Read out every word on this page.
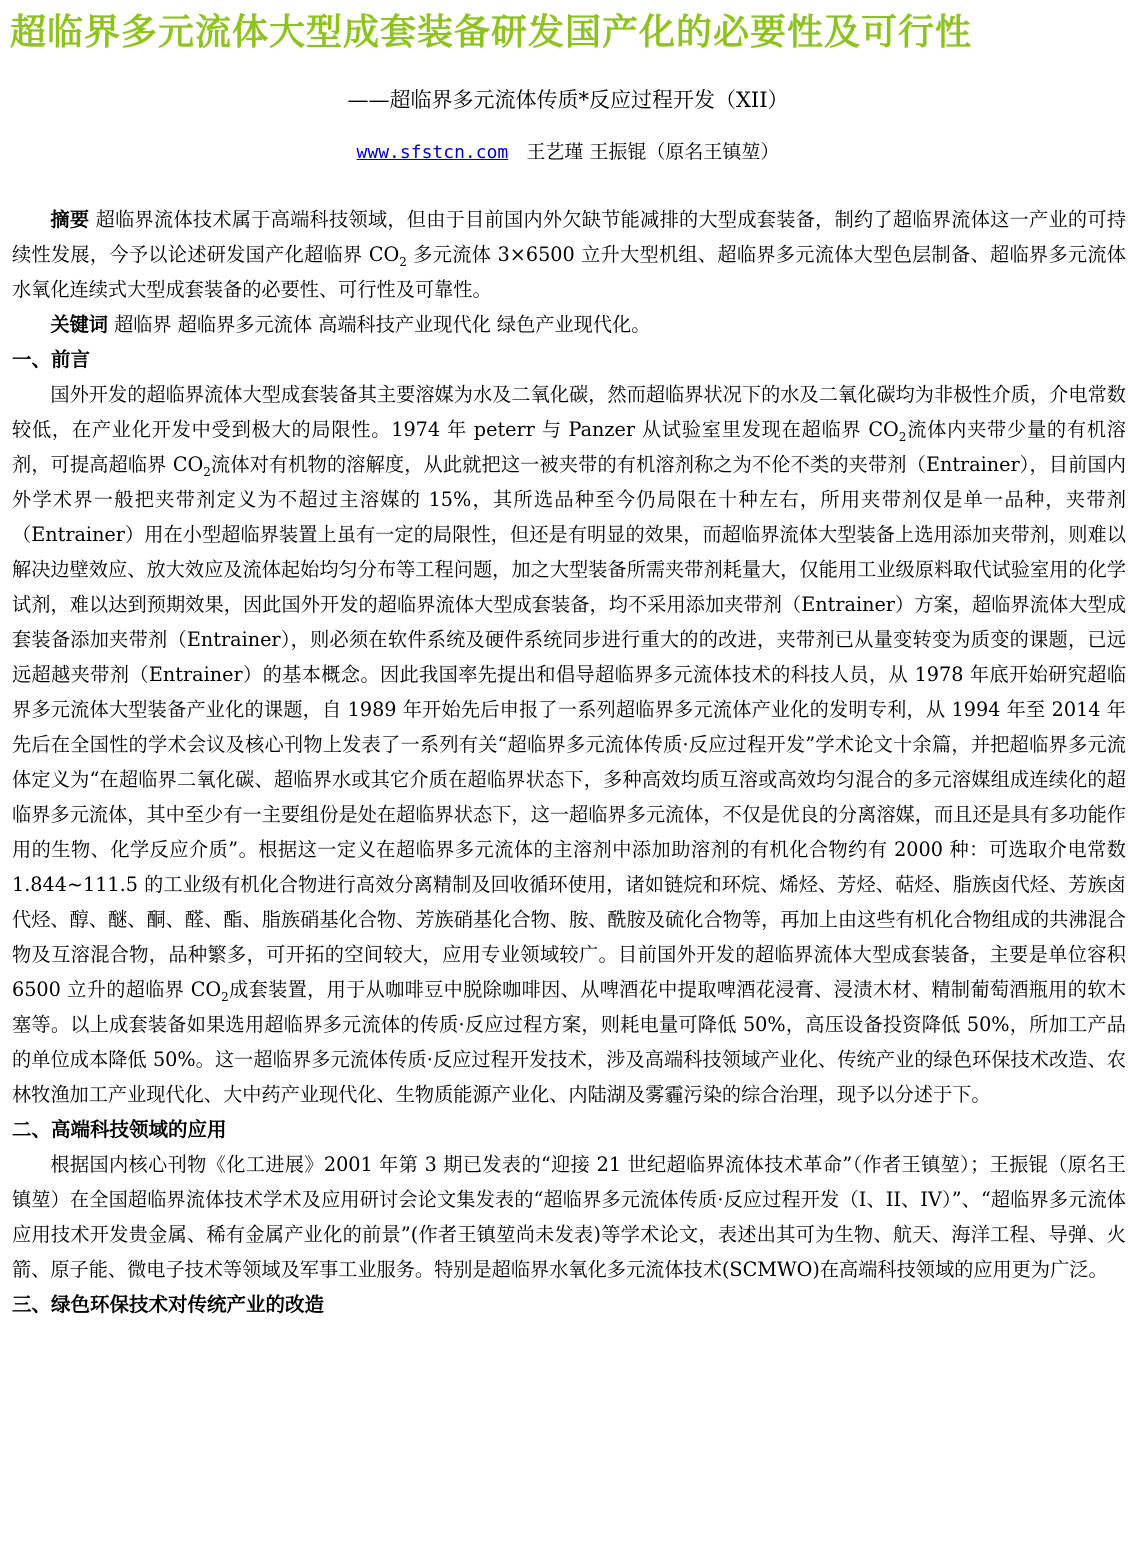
超临界多元流体大型成套装备研发国产化的必要性及可行性
——超临界多元流体传质*反应过程开发（XII）
www.sfstcn.com 王艺瑾 王振锟（原名王镇堃）

摘要 超临界流体技术属于高端科技领域，但由于目前国内外欠缺节能减排的大型成套装备，制约了超临界流体这一产业的可持续性发展，今予以论述研发国产化超临界 $CO_2$ 多元流体 3×6500 立升大型机组、超临界多元流体大型色层制备、超临界多元流体水氧化连续式大型成套装备的必要性、可行性及可靠性。

关键词 超临界 超临界多元流体 高端科技产业现代化 绿色产业现代化。

一、前言

国外开发的超临界流体大型成套装备其主要溶媒为水及二氧化碳，然而超临界状况下的水及二氧化碳均为非极性介质，介电常数较低，在产业化开发中受到极大的局限性。1974 年 peterr 与 Panzer 从试验室里发现在超临界 $CO_2$流体内夹带少量的有机溶剂，可提高超临界 $CO_2$流体对有机物的溶解度，从此就把这一被夹带的有机溶剂称之为不伦不类的夹带剂（Entrainer），目前国内外学术界一般把夹带剂定义为不超过主溶媒的 15%，其所选品种至今仍局限在十种左右，所用夹带剂仅是单一品种，夹带剂（Entrainer）用在小型超临界装置上虽有一定的局限性，但还是有明显的效果，而超临界流体大型装备上选用添加夹带剂，则难以解决边壁效应、放大效应及流体起始均匀分布等工程问题，加之大型装备所需夹带剂耗量大，仅能用工业级原料取代试验室用的化学试剂，难以达到预期效果，因此国外开发的超临界流体大型成套装备，均不采用添加夹带剂（Entrainer）方案，超临界流体大型成套装备添加夹带剂（Entrainer），则必须在软件系统及硬件系统同步进行重大的的改进，夹带剂已从量变转变为质变的课题，已远远超越夹带剂（Entrainer）的基本概念。因此我国率先提出和倡导超临界多元流体技术的科技人员，从 1978 年底开始研究超临界多元流体大型装备产业化的课题，自 1989 年开始先后申报了一系列超临界多元流体产业化的发明专利，从 1994 年至 2014 年先后在全国性的学术会议及核心刊物上发表了一系列有关“超临界多元流体传质·反应过程开发”学术论文十余篇，并把超临界多元流体定义为“在超临界二氧化碳、超临界水或其它介质在超临界状态下，多种高效均质互溶或高效均匀混合的多元溶媒组成连续化的超临界多元流体，其中至少有一主要组份是处在超临界状态下，这一超临界多元流体，不仅是优良的分离溶媒，而且还是具有多功能作用的生物、化学反应介质”。根据这一定义在超临界多元流体的主溶剂中添加助溶剂的有机化合物约有 2000 种：可选取介电常数 1.844~111.5 的工业级有机化合物进行高效分离精制及回收循环使用，诸如链烷和环烷、烯烃、芳烃、萜烃、脂族卤代烃、芳族卤代烃、醇、醚、酮、醛、酯、脂族硝基化合物、芳族硝基化合物、胺、酰胺及硫化合物等，再加上由这些有机化合物组成的共沸混合物及互溶混合物，品种繁多，可开拓的空间较大，应用专业领域较广。目前国外开发的超临界流体大型成套装备，主要是单位容积 6500 立升的超临界 $CO_2$成套装置，用于从咖啡豆中脱除咖啡因、从啤酒花中提取啤酒花浸膏、浸渍木材、精制葡萄酒瓶用的软木塞等。以上成套装备如果选用超临界多元流体的传质·反应过程方案，则耗电量可降低 50%，高压设备投资降低 50%，所加工产品的单位成本降低 50%。这一超临界多元流体传质·反应过程开发技术，涉及高端科技领域产业化、传统产业的绿色环保技术改造、农林牧渔加工产业现代化、大中药产业现代化、生物质能源产业化、内陆湖及雾霾污染的综合治理，现予以分述于下。

二、高端科技领域的应用

根据国内核心刊物《化工进展》2001 年第 3 期已发表的“迎接 21 世纪超临界流体技术革命”（作者王镇堃）；王振锟（原名王镇堃）在全国超临界流体技术学术及应用研讨会论文集发表的“超临界多元流体传质·反应过程开发（I、II、IV）”、“超临界多元流体应用技术开发贵金属、稀有金属产业化的前景”(作者王镇堃尚未发表)等学术论文，表述出其可为生物、航天、海洋工程、导弹、火箭、原子能、微电子技术等领域及军事工业服务。特别是超临界水氧化多元流体技术(SCMWO)在高端科技领域的应用更为广泛。

三、绿色环保技术对传统产业的改造
